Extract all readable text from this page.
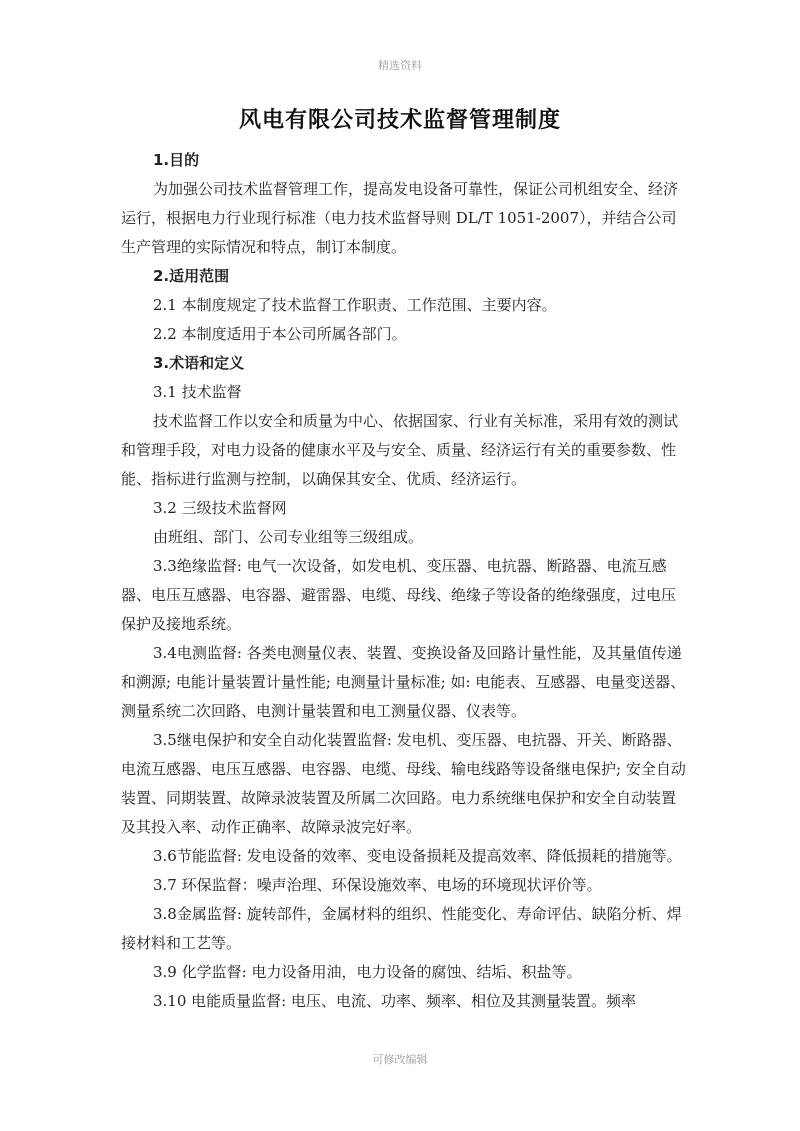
精选资料
风电有限公司技术监督管理制度

1.目的

为加强公司技术监督管理工作，提高发电设备可靠性，保证公司机组安全、经济运行，根据电力行业现行标准（电力技术监督导则 DL/T 1051-2007），并结合公司生产管理的实际情况和特点，制订本制度。

2.适用范围

2.1 本制度规定了技术监督工作职责、工作范围、主要内容。

2.2 本制度适用于本公司所属各部门。

3.术语和定义

3.1 技术监督

技术监督工作以安全和质量为中心、依据国家、行业有关标准，采用有效的测试和管理手段，对电力设备的健康水平及与安全、质量、经济运行有关的重要参数、性能、指标进行监测与控制，以确保其安全、优质、经济运行。

3.2 三级技术监督网

由班组、部门、公司专业组等三级组成。

3.3绝缘监督: 电气一次设备，如发电机、变压器、电抗器、断路器、电流互感器、电压互感器、电容器、避雷器、电缆、母线、绝缘子等设备的绝缘强度，过电压保护及接地系统。

3.4电测监督: 各类电测量仪表、装置、变换设备及回路计量性能，及其量值传递和溯源; 电能计量装置计量性能; 电测量计量标准; 如: 电能表、互感器、电量变送器、测量系统二次回路、电测计量装置和电工测量仪器、仪表等。

3.5继电保护和安全自动化装置监督: 发电机、变压器、电抗器、开关、断路器、电流互感器、电压互感器、电容器、电缆、母线、输电线路等设备继电保护; 安全自动装置、同期装置、故障录波装置及所属二次回路。电力系统继电保护和安全自动装置及其投入率、动作正确率、故障录波完好率。

3.6节能监督: 发电设备的效率、变电设备损耗及提高效率、降低损耗的措施等。

3.7 环保监督：噪声治理、环保设施效率、电场的环境现状评价等。

3.8金属监督: 旋转部件，金属材料的组织、性能变化、寿命评估、缺陷分析、焊接材料和工艺等。

3.9 化学监督: 电力设备用油，电力设备的腐蚀、结垢、积盐等。

3.10 电能质量监督: 电压、电流、功率、频率、相位及其测量装置。频率

可修改编辑
